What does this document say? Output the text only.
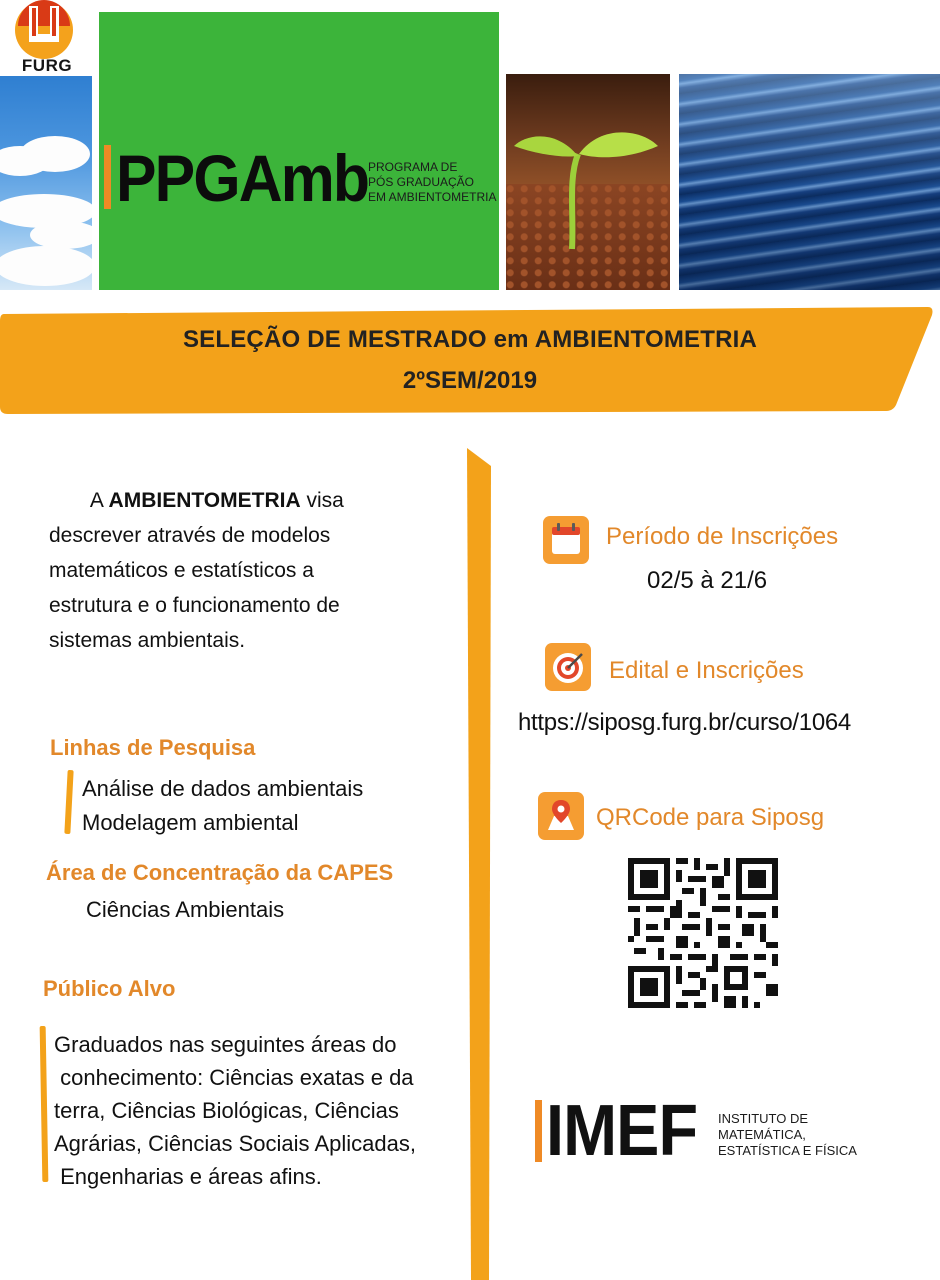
FURG
PPGAmb PROGRAMA DE
PÓS GRADUAÇÃO
EM AMBIENTOMETRIA
SELEÇÃO DE MESTRADO em AMBIENTOMETRIA
2ºSEM/2019
A AMBIENTOMETRIA visa descrever através de modelos matemáticos e estatísticos a estrutura e o funcionamento de sistemas ambientais.
Linhas de Pesquisa
Análise de dados ambientais
Modelagem ambiental
Área de Concentração da CAPES
Ciências Ambientais
Público Alvo
Graduados nas seguintes áreas do
conhecimento: Ciências exatas e da
terra, Ciências Biológicas, Ciências
Agrárias, Ciências Sociais Aplicadas,
Engenharias e áreas afins.
Período de Inscrições
02/5 à 21/6
Edital e Inscrições
https://siposg.furg.br/curso/1064
QRCode para Siposg
IMEF INSTITUTO DE
MATEMÁTICA,
ESTATÍSTICA E FÍSICA
